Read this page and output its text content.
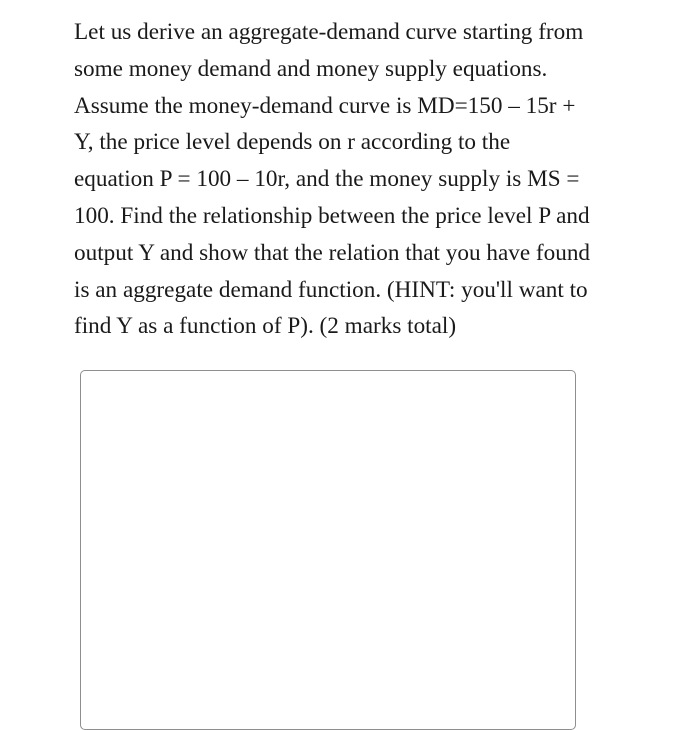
Let us derive an aggregate-demand curve starting from
some money demand and money supply equations.
Assume the money-demand curve is MD=150 – 15r +
Y, the price level depends on r according to the
equation P = 100 – 10r, and the money supply is MS =
100. Find the relationship between the price level P and
output Y and show that the relation that you have found
is an aggregate demand function. (HINT: you'll want to
find Y as a function of P). (2 marks total)
